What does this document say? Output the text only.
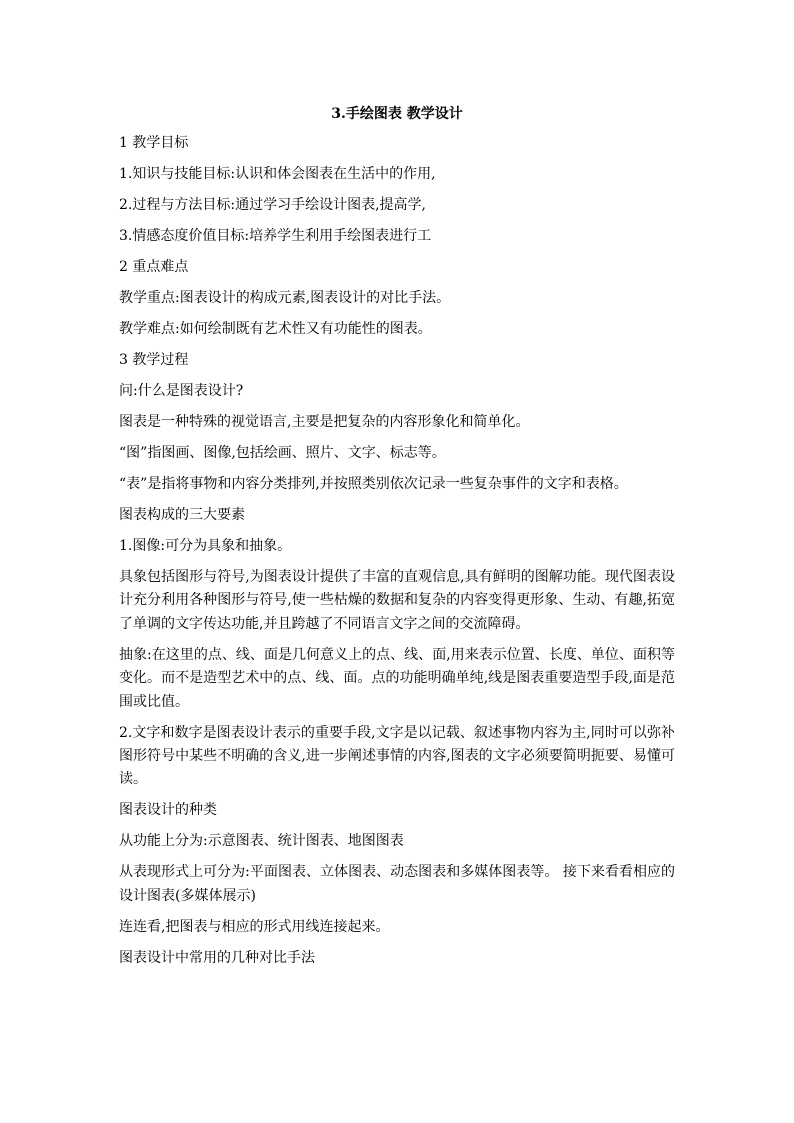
3.手绘图表 教学设计
1 教学目标
1.知识与技能目标:认识和体会图表在生活中的作用,
2.过程与方法目标:通过学习手绘设计图表,提高学,
3.情感态度价值目标:培养学生利用手绘图表进行工
2 重点难点
教学重点:图表设计的构成元素,图表设计的对比手法。
教学难点:如何绘制既有艺术性又有功能性的图表。
3 教学过程
问:什么是图表设计?
图表是一种特殊的视觉语言,主要是把复杂的内容形象化和简单化。
“图”指图画、图像,包括绘画、照片、文字、标志等。
“表”是指将事物和内容分类排列,并按照类别依次记录一些复杂事件的文字和表格。
图表构成的三大要素
1.图像:可分为具象和抽象。
具象包括图形与符号,为图表设计提供了丰富的直观信息,具有鲜明的图解功能。现代图表设计充分利用各种图形与符号,使一些枯燥的数据和复杂的内容变得更形象、生动、有趣,拓宽了单调的文字传达功能,并且跨越了不同语言文字之间的交流障碍。
抽象:在这里的点、线、面是几何意义上的点、线、面,用来表示位置、长度、单位、面积等变化。而不是造型艺术中的点、线、面。点的功能明确单纯,线是图表重要造型手段,面是范围或比值。
2.文字和数字是图表设计表示的重要手段,文字是以记载、叙述事物内容为主,同时可以弥补图形符号中某些不明确的含义,进一步阐述事情的内容,图表的文字必须要简明扼要、易懂可读。
图表设计的种类
从功能上分为:示意图表、统计图表、地图图表
从表现形式上可分为:平面图表、立体图表、动态图表和多媒体图表等。 接下来看看相应的设计图表(多媒体展示)
连连看,把图表与相应的形式用线连接起来。
图表设计中常用的几种对比手法
